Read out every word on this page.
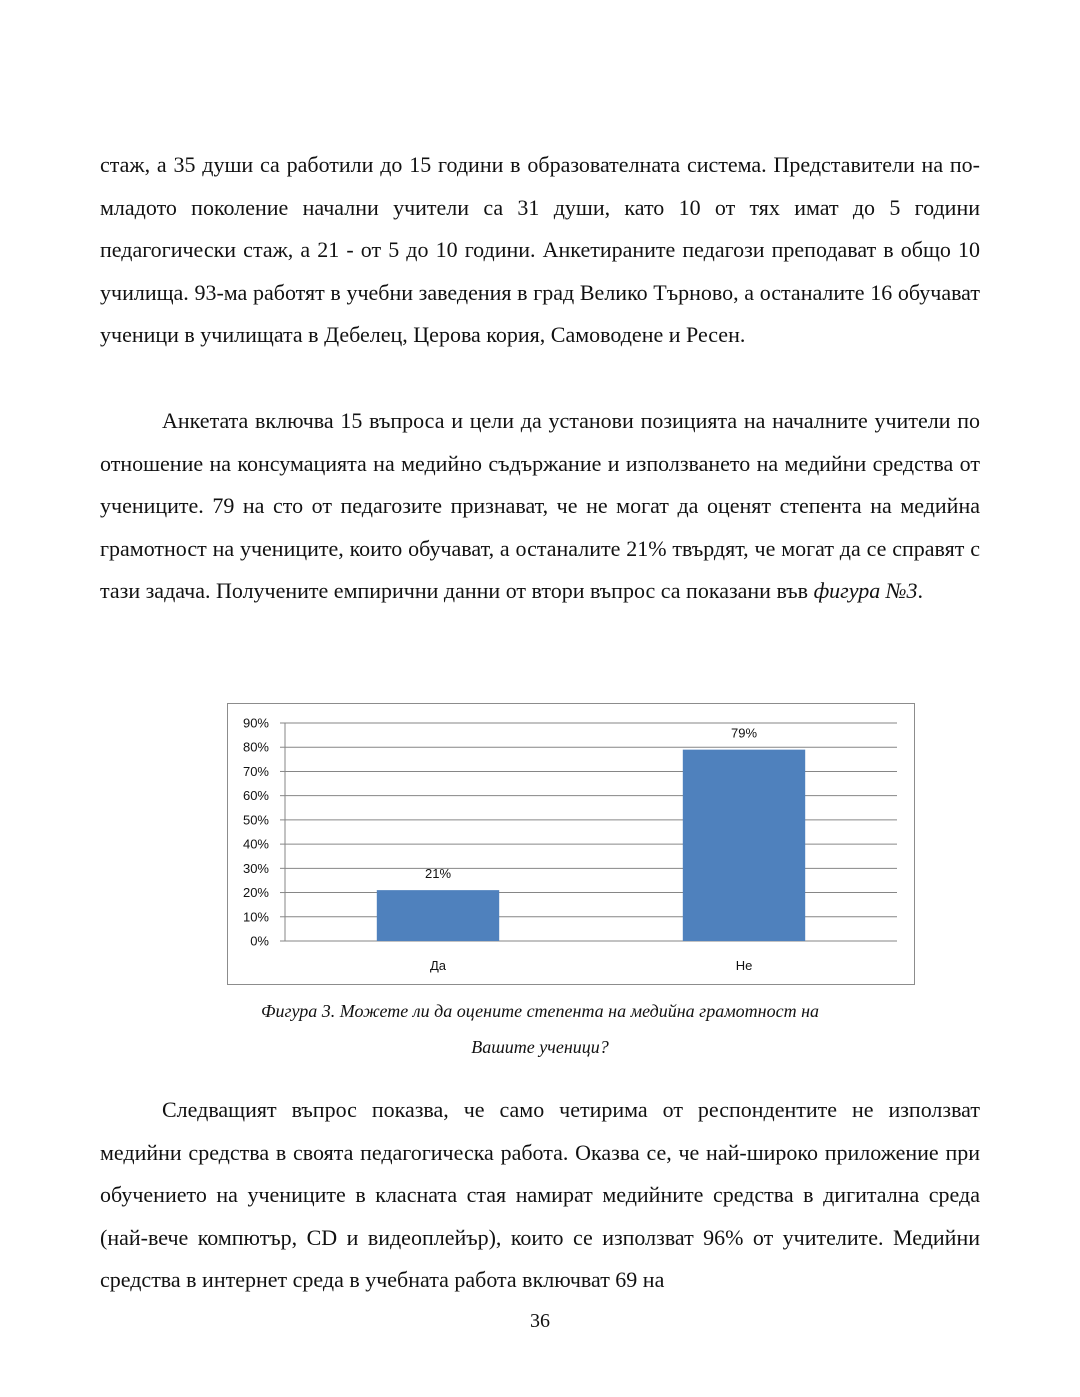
стаж, а 35 души са работили до 15 години в образователната система. Представители на по-младото поколение начални учители са 31 души, като 10 от тях имат до 5 години педагогически стаж, а 21 - от 5 до 10 години. Анкетираните педагози преподават в общо 10 училища. 93-ма работят в учебни заведения в град Велико Търново, а останалите 16 обучават ученици в училищата в Дебелец, Церова кория, Самоводене и Ресен.

Анкетата включва 15 въпроса и цели да установи позицията на началните учители по отношение на консумацията на медийно съдържание и използването на медийни средства от учениците. 79 на сто от педагозите признават, че не могат да оценят степента на медийна грамотност на учениците, които обучават, а останалите 21% твърдят, че могат да се справят с тази задача. Получените емпирични данни от втори въпрос са показани във фигура №3.

0%
10%
20%
30%
40%
50%
60%
70%
80%
90%
21%
Да
79%
Не

Фигура 3. Можете ли да оцените степента на медийна грамотност на

Вашите ученици?

Следващият въпрос показва, че само четирима от респондентите не използват медийни средства в своята педагогическа работа. Оказва се, че най-широко приложение при обучението на учениците в класната стая намират медийните средства в дигитална среда (най-вече компютър, CD и видеоплейър), които се използват 96% от учителите. Медийни средства в интернет среда в учебната работа включват 69 на

36
